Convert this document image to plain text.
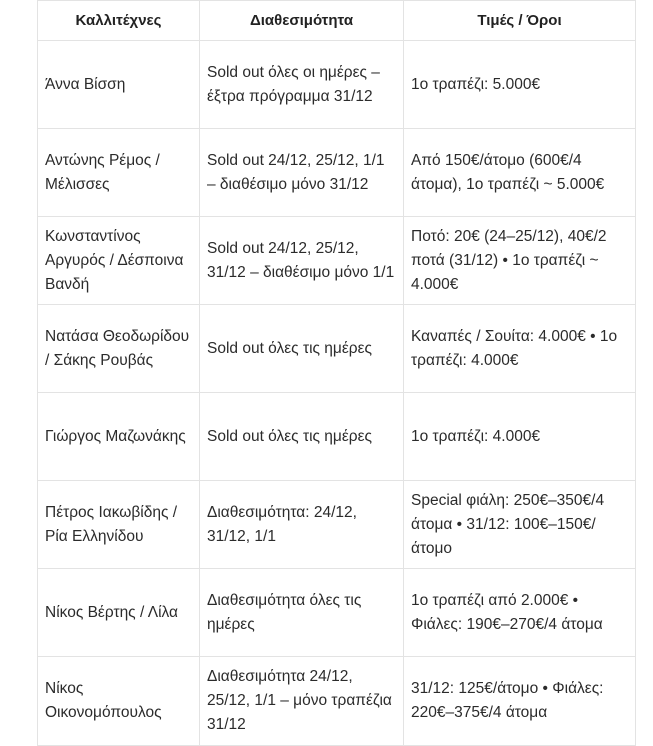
Καλλιτέχνες	Διαθεσιμότητα	Τιμές / Όροι
Άννα Βίσση	Sold out όλες οι ημέρες – έξτρα πρόγραμμα 31/12	1ο τραπέζι: 5.000€
Αντώνης Ρέμος / Μέλισσες	Sold out 24/12, 25/12, 1/1 – διαθέσιμο μόνο 31/12	Από 150€/άτομο (600€/4 άτομα), 1ο τραπέζι ~ 5.000€
Κωνσταντίνος Αργυρός / Δέσποινα Βανδή	Sold out 24/12, 25/12, 31/12 – διαθέσιμο μόνο 1/1	Ποτό: 20€ (24–25/12), 40€/2 ποτά (31/12) • 1ο τραπέζι ~ 4.000€
Νατάσα Θεοδωρίδου / Σάκης Ρουβάς	Sold out όλες τις ημέρες	Καναπές / Σουίτα: 4.000€ • 1ο τραπέζι: 4.000€
Γιώργος Μαζωνάκης	Sold out όλες τις ημέρες	1ο τραπέζι: 4.000€
Πέτρος Ιακωβίδης / Ρία Ελληνίδου	Διαθεσιμότητα: 24/12, 31/12, 1/1	Special φιάλη: 250€–350€/4 άτομα • 31/12: 100€–150€/άτομο
Νίκος Βέρτης / Λίλα	Διαθεσιμότητα όλες τις ημέρες	1ο τραπέζι από 2.000€ • Φιάλες: 190€–270€/4 άτομα
Νίκος Οικονομόπουλος	Διαθεσιμότητα 24/12, 25/12, 1/1 – μόνο τραπέζια 31/12	31/12: 125€/άτομο • Φιάλες: 220€–375€/4 άτομα
